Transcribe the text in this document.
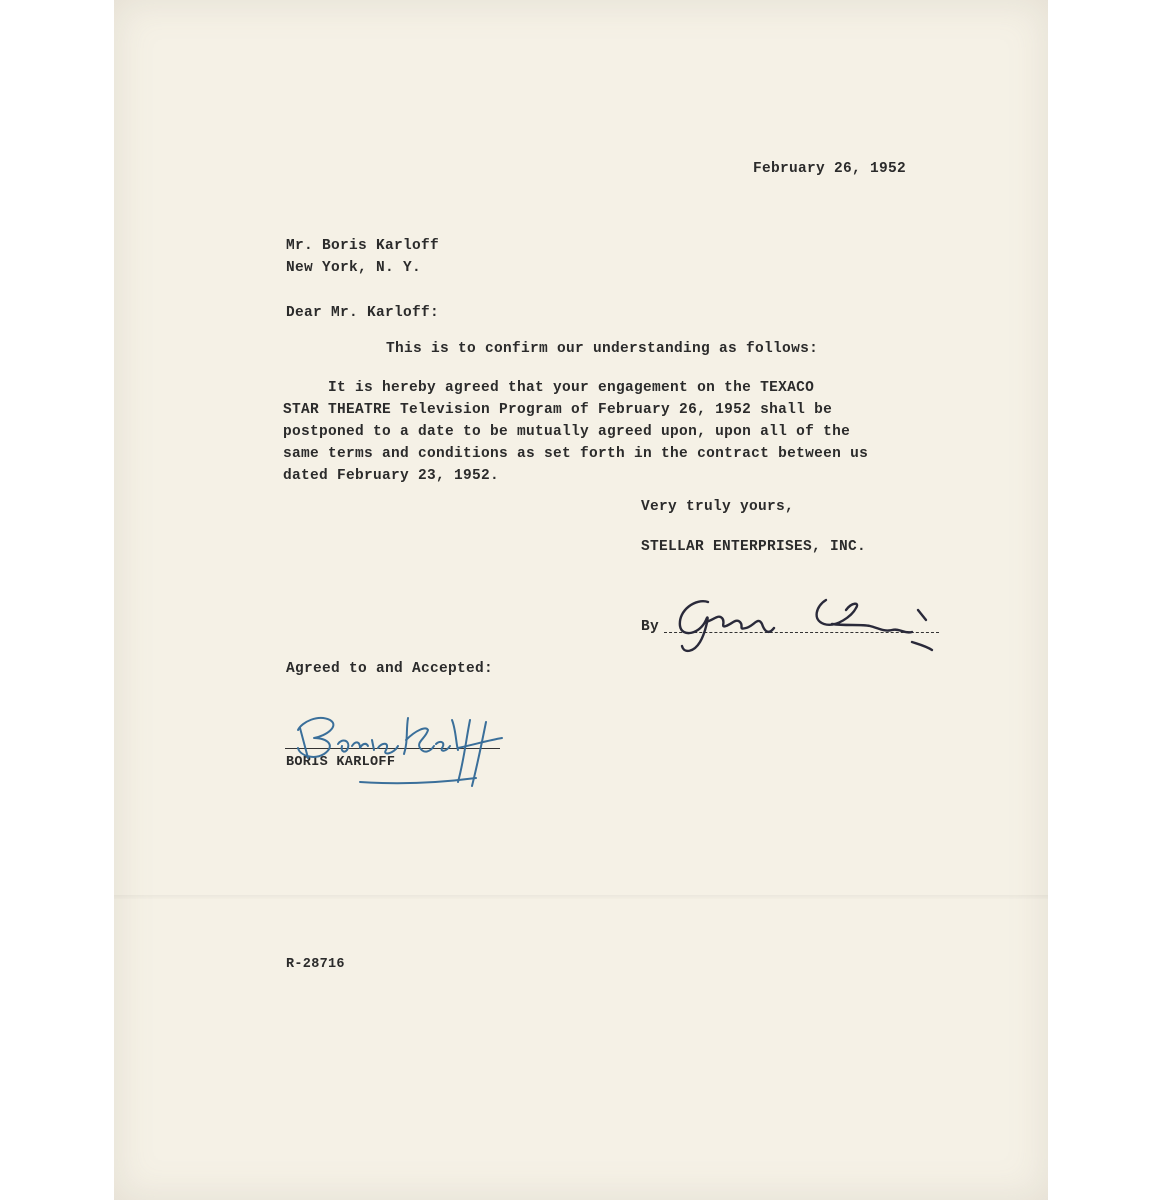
February 26, 1952
Mr. Boris Karloff
New York, N. Y.
Dear Mr. Karloff:
This is to confirm our understanding as follows:
It is hereby agreed that your engagement on the TEXACO
STAR THEATRE Television Program of February 26, 1952 shall be
postponed to a date to be mutually agreed upon, upon all of the
same terms and conditions as set forth in the contract between us
dated February 23, 1952.
Very truly yours,
STELLAR ENTERPRISES, INC.
By
Agreed to and Accepted:
BORIS KARLOFF
R-28716
